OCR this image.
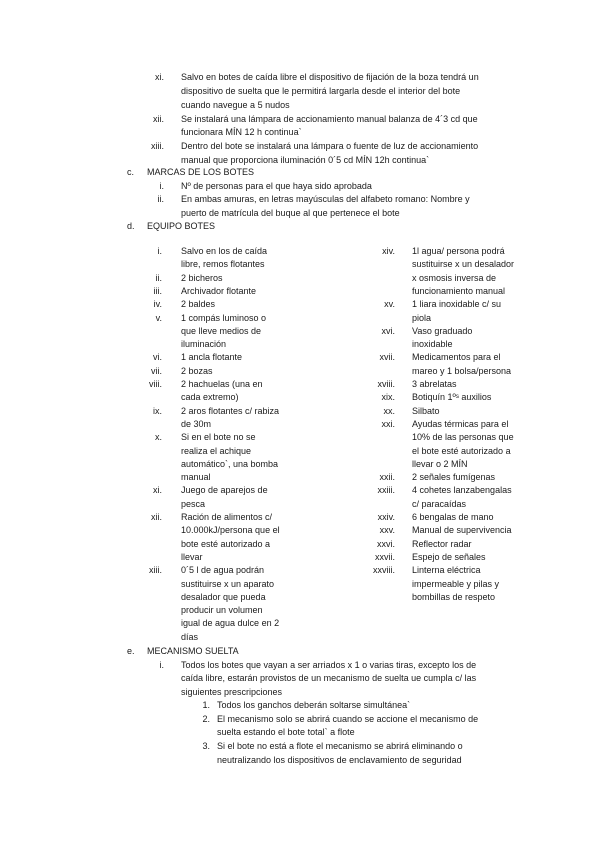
xi. Salvo en botes de caída libre el dispositivo de fijación de la boza tendrá un
dispositivo de suelta que le permitirá largarla desde el interior del bote
cuando navegue a 5 nudos
xii. Se instalará una lámpara de accionamiento manual balanza de 4´3 cd que
funcionara MÍN 12 h continua`
xiii. Dentro del bote se instalará una lámpara o fuente de luz de accionamiento
manual que proporciona iluminación 0´5 cd MÍN 12h continua`
c. MARCAS DE LOS BOTES
i. Nº de personas para el que haya sido aprobada
ii. En ambas amuras, en letras mayúsculas del alfabeto romano: Nombre y
puerto de matrícula del buque al que pertenece el bote
d. EQUIPO BOTES
i. Salvo en los de caída
libre, remos flotantes
ii. 2 bicheros
iii. Archivador flotante
iv. 2 baldes
v. 1 compás luminoso o
que lleve medios de
iluminación
vi. 1 ancla flotante
vii. 2 bozas
viii. 2 hachuelas (una en
cada extremo)
ix. 2 aros flotantes c/ rabiza
de 30m
x. Si en el bote no se
realiza el achique
automático`, una bomba
manual
xi. Juego de aparejos de
pesca
xii. Ración de alimentos c/
10.000kJ/persona que el
bote esté autorizado a
llevar
xiii. 0´5 l de agua podrán
sustituirse x un aparato
desalador que pueda
producir un volumen
igual de agua dulce en 2
días
xiv. 1l agua/ persona podrá
sustituirse x un desalador
x osmosis inversa de
funcionamiento manual
xv. 1 liara inoxidable c/ su
piola
xvi. Vaso graduado
inoxidable
xvii. Medicamentos para el
mareo y 1 bolsa/persona
xviii. 3 abrelatas
xix. Botiquín 1ºˢ auxilios
xx. Silbato
xxi. Ayudas térmicas para el
10% de las personas que
el bote esté autorizado a
llevar o 2 MÍN
xxii. 2 señales fumígenas
xxiii. 4 cohetes lanzabengalas
c/ paracaídas
xxiv. 6 bengalas de mano
xxv. Manual de supervivencia
xxvi. Reflector radar
xxvii. Espejo de señales
xxviii. Linterna eléctrica
impermeable y pilas y
bombillas de respeto
e. MECANISMO SUELTA
i. Todos los botes que vayan a ser arriados x 1 o varias tiras, excepto los de
caída libre, estarán provistos de un mecanismo de suelta ue cumpla c/ las
siguientes prescripciones
1. Todos los ganchos deberán soltarse simultánea`
2. El mecanismo solo se abrirá cuando se accione el mecanismo de
suelta estando el bote total` a flote
3. Si el bote no está a flote el mecanismo se abrirá eliminando o
neutralizando los dispositivos de enclavamiento de seguridad
